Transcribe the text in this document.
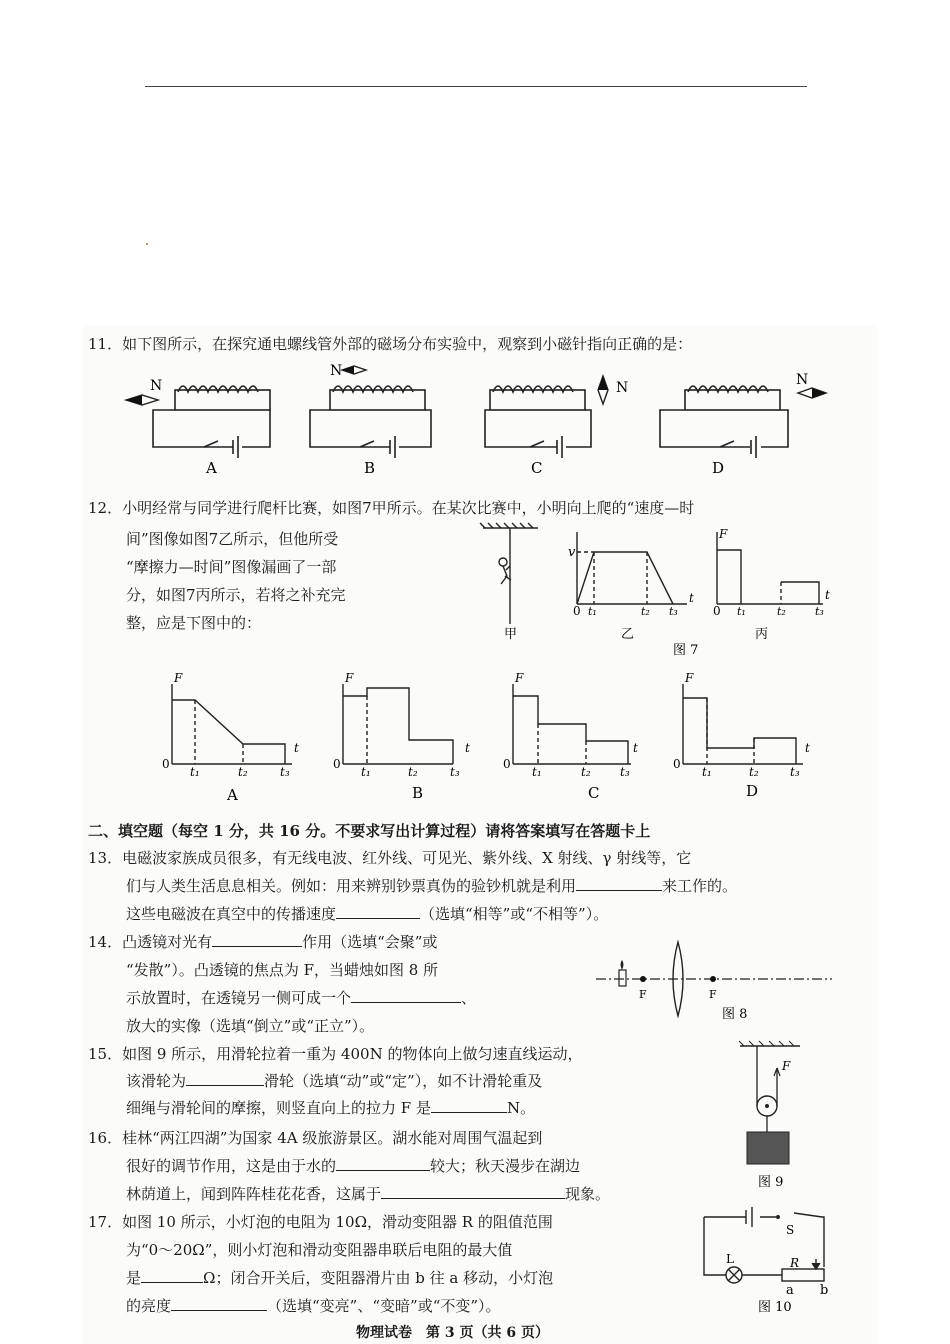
11．如下图所示，在探究通电螺线管外部的磁场分布实验中，观察到小磁针指向正确的是：
N
N
N	N
A	B	C	D
12．小明经常与同学进行爬杆比赛，如图7甲所示。在某次比赛中，小明向上爬的“速度—时
间”图像如图7乙所示，但他所受
“摩擦力—时间”图像漏画了一部
分，如图7丙所示，若将之补充完
整，应是下图中的：
v
t
0 t₁	t₂ t₃
F
0 t₁	t₂	t₃
t
甲	乙	丙
图 7
F
t
F
t
F
t
F
t
t₁	t₂	t₃	t₁	t₂	t₃	t₁	t₂ t₃	t₁	t₂	t₃
0	0	0	0
A	B	C	D
二、填空题（每空 1 分，共 16 分。不要求写出计算过程）请将答案填写在答题卡上
13．电磁波家族成员很多，有无线电波、红外线、可见光、紫外线、X 射线、γ 射线等，它
们与人类生活息息相关。例如：用来辨别钞票真伪的验钞机就是利用	来工作的。
这些电磁波在真空中的传播速度	（选填“相等”或“不相等”）。
14．凸透镜对光有	作用（选填“会聚”或
“发散”）。凸透镜的焦点为 F，当蜡烛如图 8 所
示放置时，在透镜另一侧可成一个	、
放大的实像（选填“倒立”或“正立”）。
F	F
图 8
15．如图 9 所示，用滑轮拉着一重为 400N 的物体向上做匀速直线运动，
该滑轮为	滑轮（选填“动”或“定”），如不计滑轮重及
细绳与滑轮间的摩擦，则竖直向上的拉力 F 是	N。
F
图 9
16．桂林“两江四湖”为国家 4A 级旅游景区。湖水能对周围气温起到
很好的调节作用，这是由于水的	较大；秋天漫步在湖边
林荫道上，闻到阵阵桂花花香，这属于	现象。
17．如图 10 所示，小灯泡的电阻为 10Ω，滑动变阻器 R 的阻值范围
为“0～20Ω”，则小灯泡和滑动变阻器串联后电阻的最大值
是	Ω；闭合开关后，变阻器滑片由 b 往 a 移动，小灯泡
的亮度	（选填“变亮”、“变暗”或“不变”）。
S
L	R
a b
图 10
物理试卷　第 3 页（共 6 页）
